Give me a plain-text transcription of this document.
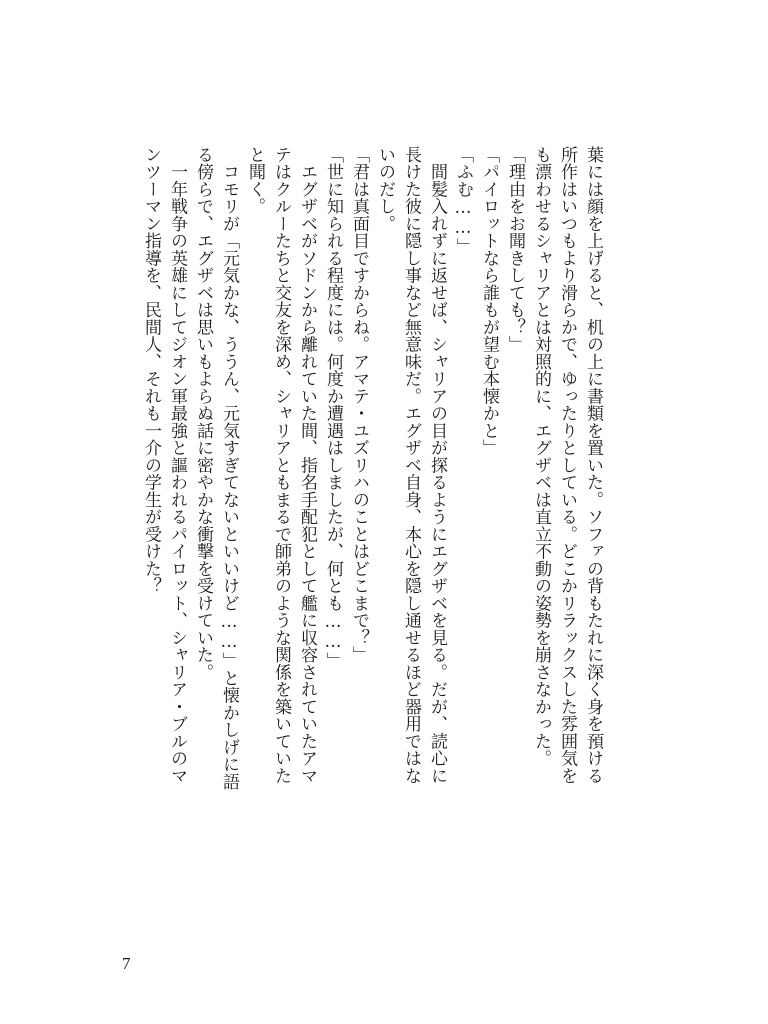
葉には顔を上げると、机の上に書類を置いた。ソファの背もたれに深く身を預ける
所作はいつもより滑らかで、ゆったりとしている。どこかリラックスした雰囲気を
も漂わせるシャリアとは対照的に、エグザベは直立不動の姿勢を崩さなかった。
「理由をお聞きしても？」
「パイロットなら誰もが望む本懐かと」
「ふむ……」
　間髪入れずに返せば、シャリアの目が探るようにエグザベを見る。だが、読心に
長けた彼に隠し事など無意味だ。エグザベ自身、本心を隠し通せるほど器用ではな
いのだし。
「君は真面目ですからね。アマテ・ユズリハのことはどこまで？」
「世に知られる程度には。何度か遭遇はしましたが、何とも……」
　エグザベがソドンから離れていた間、指名手配犯として艦に収容されていたアマ
テはクルーたちと交友を深め、シャリアともまるで師弟のような関係を築いていた
と聞く。
　コモリが「元気かな、ううん、元気すぎてないといいけど……」と懐かしげに語
る傍らで、エグザベは思いもよらぬ話に密やかな衝撃を受けていた。
　一年戦争の英雄にしてジオン軍最強と謳われるパイロット、シャリア・ブルのマ
ンツーマン指導を、民間人、それも一介の学生が受けた？
7
